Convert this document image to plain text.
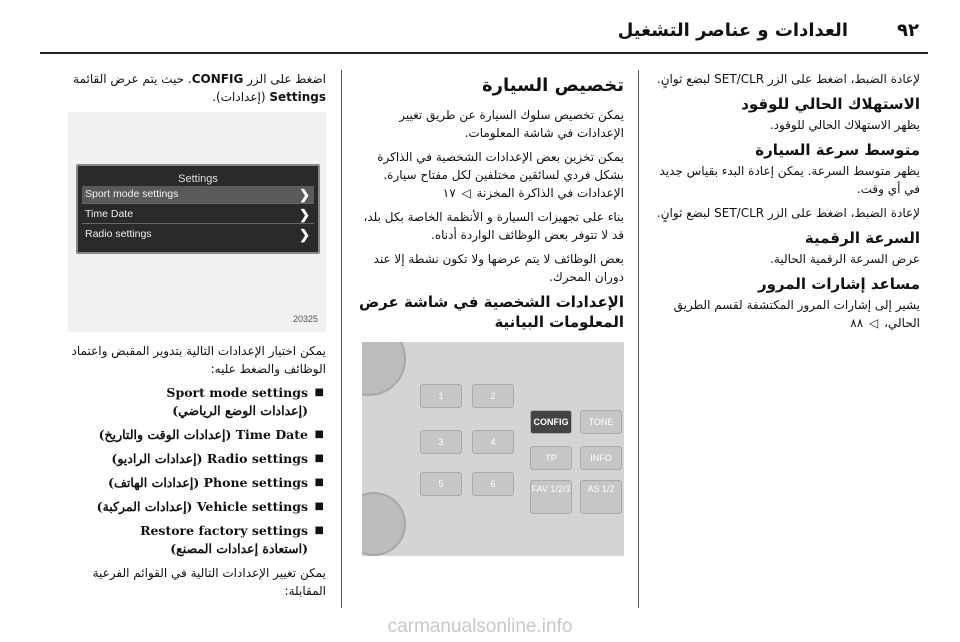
٩٢
العدادات و عناصر التشغيل

لإعادة الضبط، اضغط على الزر SET/CLR لبضع ثوانٍ.

الاستهلاك الحالي للوقود

يظهر الاستهلاك الحالي للوقود.

متوسط سرعة السيارة

يظهر متوسط السرعة. يمكن إعادة البدء بقياس جديد في أي وقت.

لإعادة الضبط، اضغط على الزر SET/CLR لبضع ثوانٍ.

السرعة الرقمية

عرض السرعة الرقمية الحالية.

مساعد إشارات المرور

يشير إلى إشارات المرور المكتشفة لقسم الطريق الحالي، ◁ ٨٨

تخصيص السيارة

يمكن تخصيص سلوك السيارة عن طريق تغيير الإعدادات في شاشة المعلومات.

يمكن تخزين بعض الإعدادات الشخصية في الذاكرة بشكل فردي لسائقين مختلفين لكل مفتاح سيارة. الإعدادات في الذاكرة المخزنة ◁ ١٧

بناء على تجهيزات السيارة و الأنظمة الخاصة بكل بلد، قد لا تتوفر بعض الوظائف الواردة أدناه.

بعض الوظائف لا يتم عرضها ولا تكون نشطة إلا عند دوران المحرك.

الإعدادات الشخصية في شاشة عرض المعلومات البيانية
1	2
3	4
5	6
CONFIG	TONE
TP	INFO
FAV 1/2/3	AS 1/2

اضغط على الزر CONFIG. حيث يتم عرض القائمة Settings (إعدادات).

Settings
Sport mode settings	❯
Time Date	❯
Radio settings	❯
20325

يمكن اختيار الإعدادات التالية بتدوير المقبض واعتماد الوظائف والضغط عليه:

■
Sport mode settings
(إعدادات الوضع الرياضي)
■
Time Date (إعدادات الوقت والتاريخ)
■
Radio settings (إعدادات الراديو)
■
Phone settings (إعدادات الهاتف)
■
Vehicle settings (إعدادات المركبة)
■
Restore factory settings
(استعادة إعدادات المصنع)

يمكن تغيير الإعدادات التالية في القوائم الفرعية المقابلة:

carmanualsonline.info
